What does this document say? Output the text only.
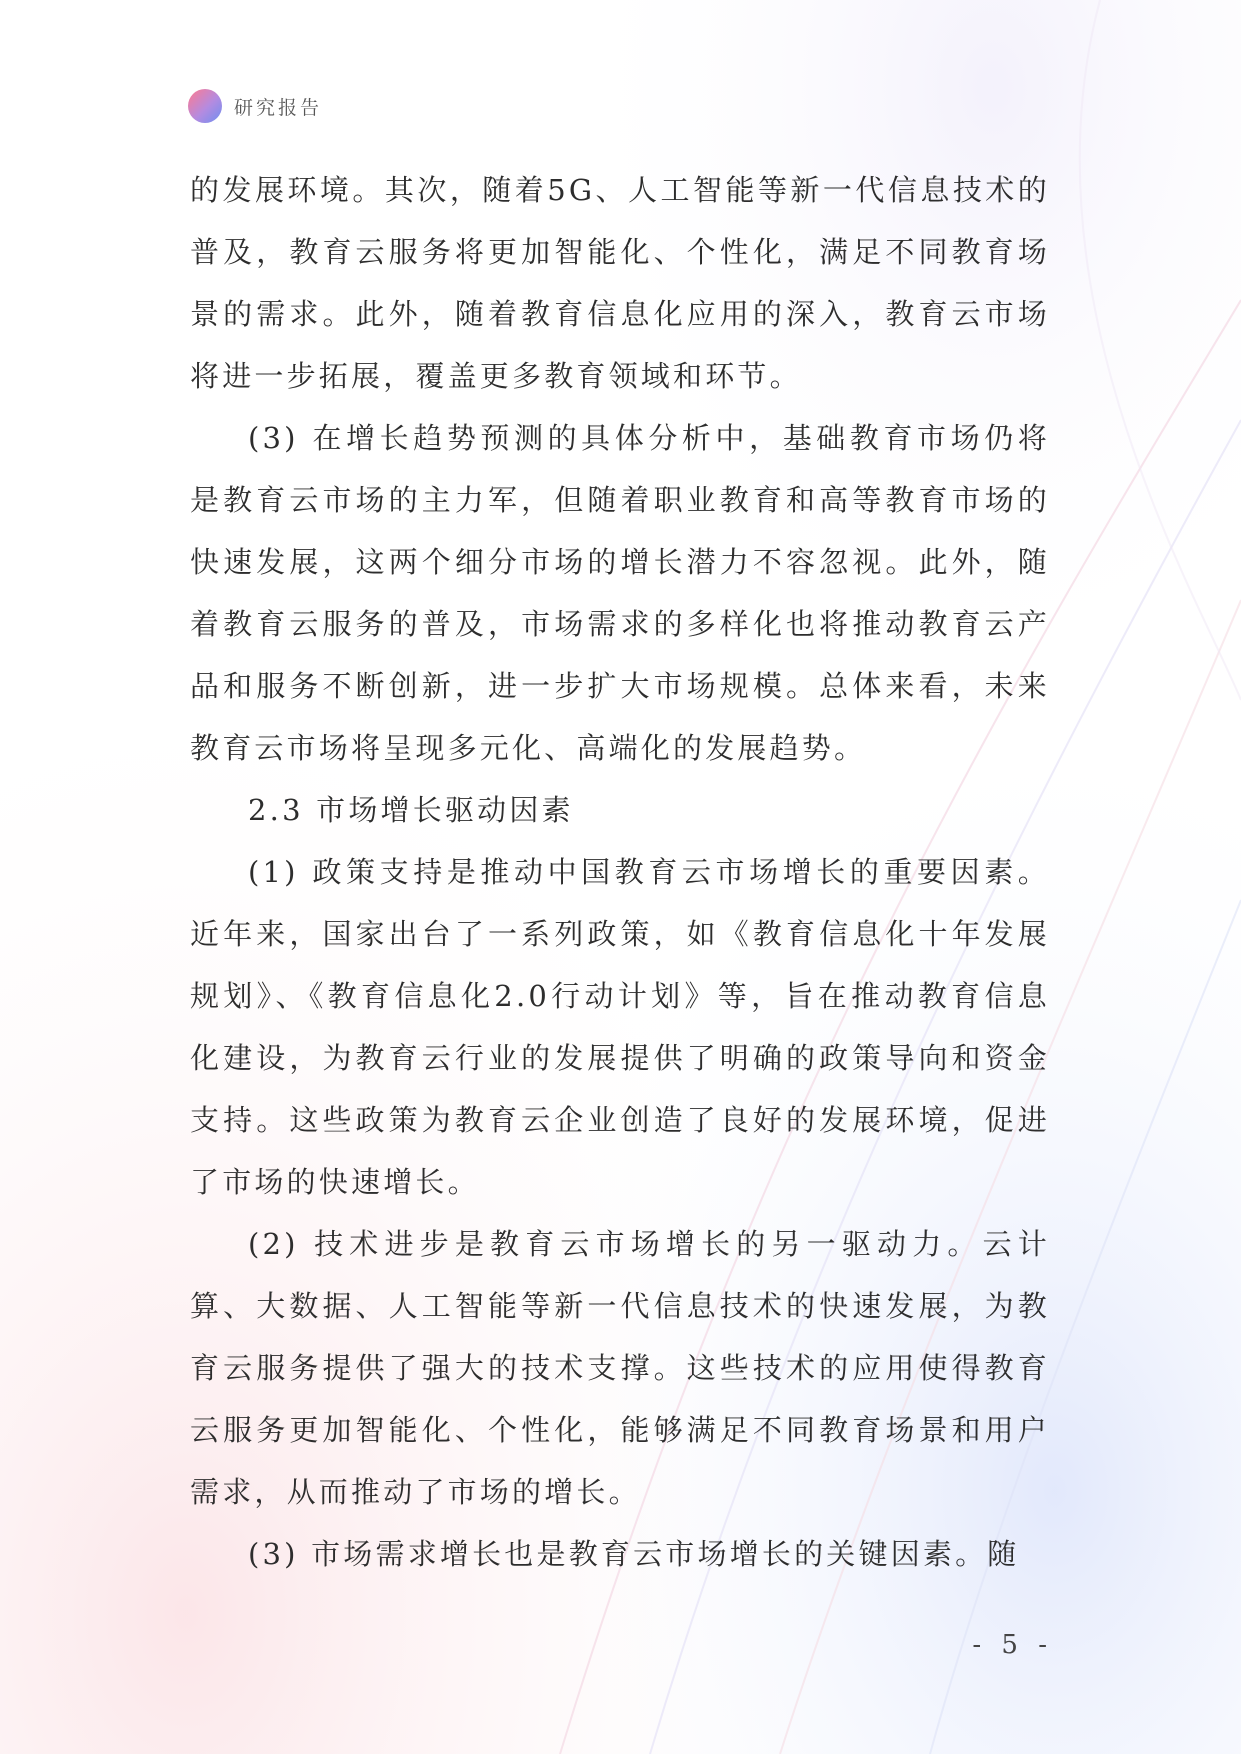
研究报告

的发展环境。其次，随着5G、人工智能等新一代信息技术的普及，教育云服务将更加智能化、个性化，满足不同教育场景的需求。此外，随着教育信息化应用的深入，教育云市场将进一步拓展，覆盖更多教育领域和环节。

(3) 在增长趋势预测的具体分析中，基础教育市场仍将是教育云市场的主力军，但随着职业教育和高等教育市场的快速发展，这两个细分市场的增长潜力不容忽视。此外，随着教育云服务的普及，市场需求的多样化也将推动教育云产品和服务不断创新，进一步扩大市场规模。总体来看，未来教育云市场将呈现多元化、高端化的发展趋势。

2.3 市场增长驱动因素

(1) 政策支持是推动中国教育云市场增长的重要因素。近年来，国家出台了一系列政策，如《教育信息化十年发展规划》、《教育信息化2.0行动计划》等，旨在推动教育信息化建设，为教育云行业的发展提供了明确的政策导向和资金支持。这些政策为教育云企业创造了良好的发展环境，促进了市场的快速增长。

(2) 技术进步是教育云市场增长的另一驱动力。云计算、大数据、人工智能等新一代信息技术的快速发展，为教育云服务提供了强大的技术支撑。这些技术的应用使得教育云服务更加智能化、个性化，能够满足不同教育场景和用户需求，从而推动了市场的增长。

(3) 市场需求增长也是教育云市场增长的关键因素。随

- 5 -
